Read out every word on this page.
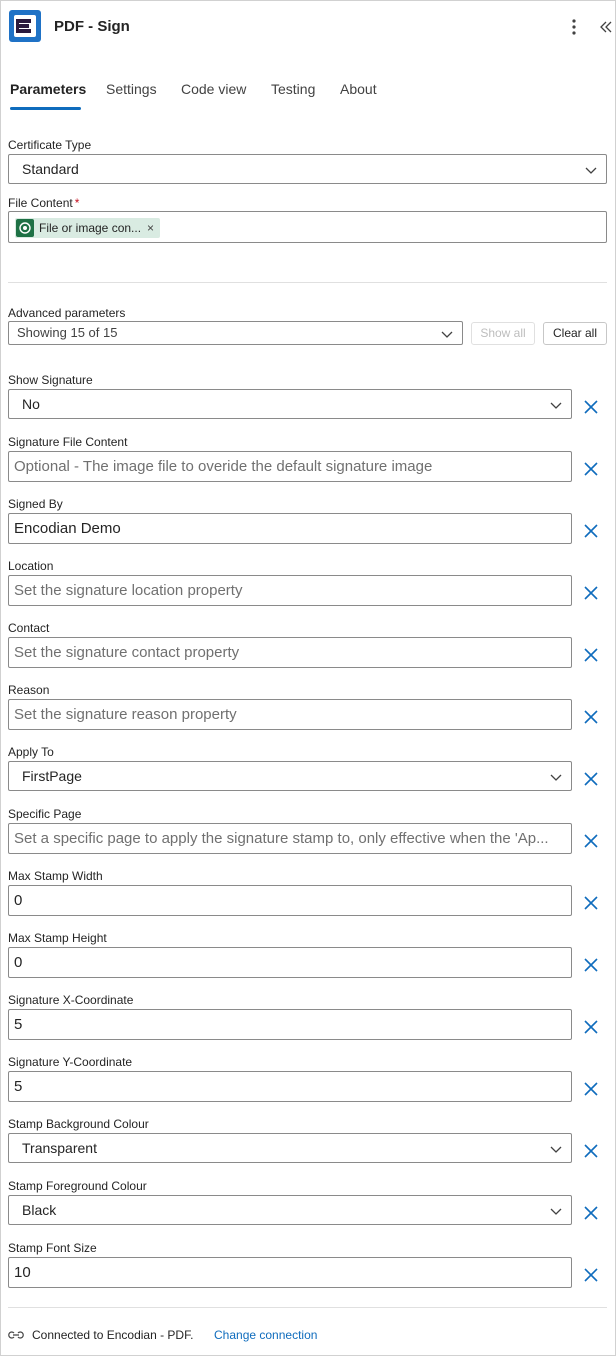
PDF - Sign
Parameters Settings Code view Testing About
Certificate Type
Standard
File Content *
File or image con... ×
Advanced parameters
Showing 15 of 15	Show all	Clear all
Show Signature
No
Signature File Content
Optional - The image file to overide the default signature image
Signed By
Encodian Demo
Location
Set the signature location property
Contact
Set the signature contact property
Reason
Set the signature reason property
Apply To
FirstPage
Specific Page
Set a specific page to apply the signature stamp to, only effective when the 'Ap...
Max Stamp Width
0
Max Stamp Height
0
Signature X-Coordinate
5
Signature Y-Coordinate
5
Stamp Background Colour
Transparent
Stamp Foreground Colour
Black
Stamp Font Size
10
Connected to Encodian - PDF. Change connection
